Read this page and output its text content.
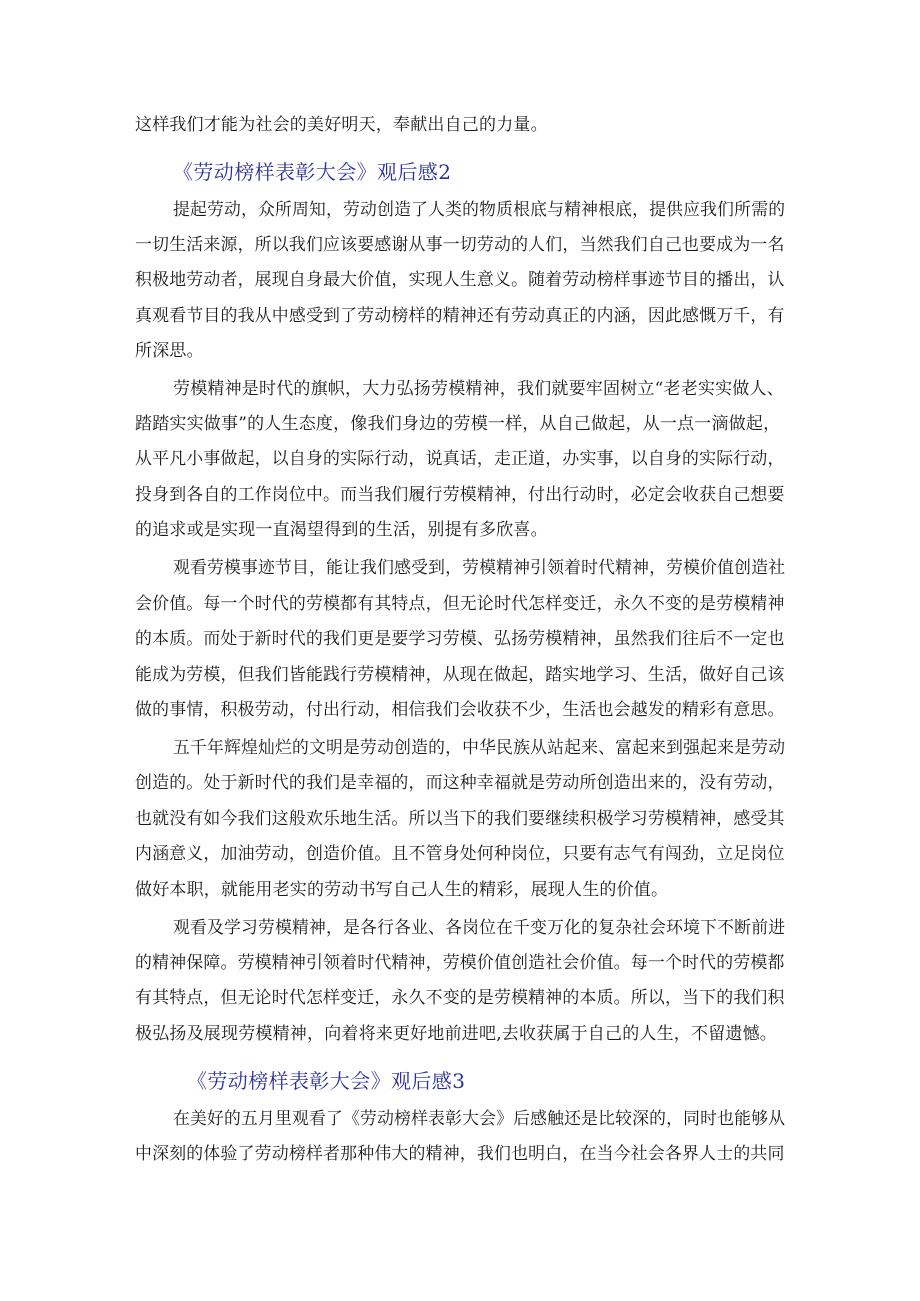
这样我们才能为社会的美好明天，奉献出自己的力量。
《劳动榜样表彰大会》观后感2
提起劳动，众所周知，劳动创造了人类的物质根底与精神根底，提供应我们所需的
一切生活来源，所以我们应该要感谢从事一切劳动的人们，当然我们自己也要成为一名
积极地劳动者，展现自身最大价值，实现人生意义。随着劳动榜样事迹节目的播出，认
真观看节目的我从中感受到了劳动榜样的精神还有劳动真正的内涵，因此感慨万千，有
所深思。
劳模精神是时代的旗帜，大力弘扬劳模精神，我们就要牢固树立“老老实实做人、
踏踏实实做事”的人生态度，像我们身边的劳模一样，从自己做起，从一点一滴做起，
从平凡小事做起，以自身的实际行动，说真话，走正道，办实事，以自身的实际行动，
投身到各自的工作岗位中。而当我们履行劳模精神，付出行动时，必定会收获自己想要
的追求或是实现一直渴望得到的生活，别提有多欣喜。
观看劳模事迹节目，能让我们感受到，劳模精神引领着时代精神，劳模价值创造社
会价值。每一个时代的劳模都有其特点，但无论时代怎样变迁，永久不变的是劳模精神
的本质。而处于新时代的我们更是要学习劳模、弘扬劳模精神，虽然我们往后不一定也
能成为劳模，但我们皆能践行劳模精神，从现在做起，踏实地学习、生活，做好自己该
做的事情，积极劳动，付出行动，相信我们会收获不少，生活也会越发的精彩有意思。
五千年辉煌灿烂的文明是劳动创造的，中华民族从站起来、富起来到强起来是劳动
创造的。处于新时代的我们是幸福的，而这种幸福就是劳动所创造出来的，没有劳动，
也就没有如今我们这般欢乐地生活。所以当下的我们要继续积极学习劳模精神，感受其
内涵意义，加油劳动，创造价值。且不管身处何种岗位，只要有志气有闯劲，立足岗位
做好本职，就能用老实的劳动书写自己人生的精彩，展现人生的价值。
观看及学习劳模精神，是各行各业、各岗位在千变万化的复杂社会环境下不断前进
的精神保障。劳模精神引领着时代精神，劳模价值创造社会价值。每一个时代的劳模都
有其特点，但无论时代怎样变迁，永久不变的是劳模精神的本质。所以，当下的我们积
极弘扬及展现劳模精神，向着将来更好地前进吧,去收获属于自己的人生，不留遗憾。
《劳动榜样表彰大会》观后感3
在美好的五月里观看了《劳动榜样表彰大会》后感触还是比较深的，同时也能够从
中深刻的体验了劳动榜样者那种伟大的精神，我们也明白，在当今社会各界人士的共同
